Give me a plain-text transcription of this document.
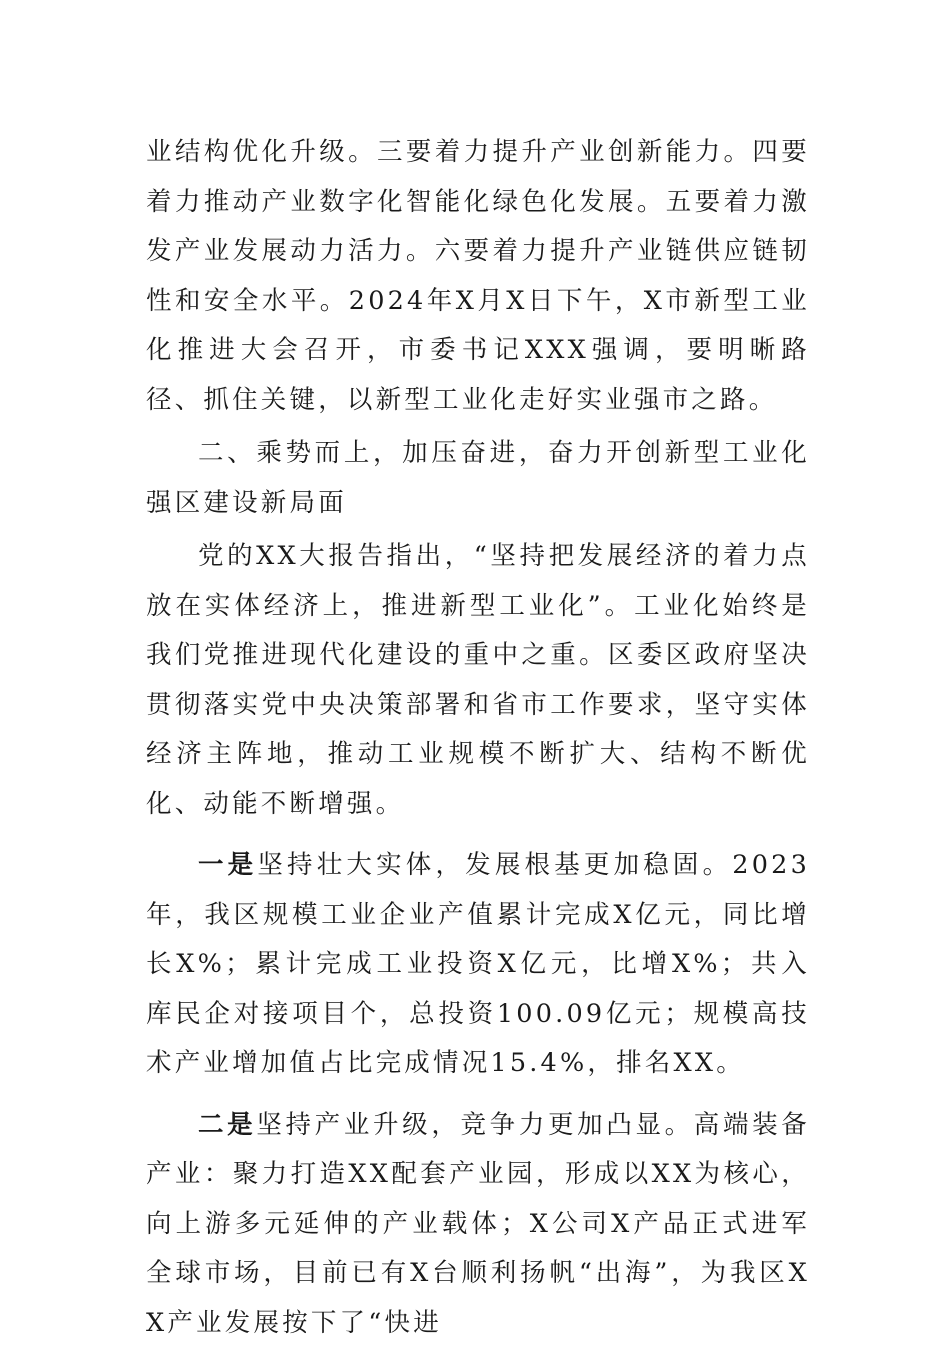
业结构优化升级。三要着力提升产业创新能力。四要着力推动产业数字化智能化绿色化发展。五要着力激发产业发展动力活力。六要着力提升产业链供应链韧性和安全水平。2024年X月X日下午，X市新型工业化推进大会召开，市委书记XXX强调，要明晰路径、抓住关键，以新型工业化走好实业强市之路。

二、乘势而上，加压奋进，奋力开创新型工业化强区建设新局面

党的XX大报告指出，“坚持把发展经济的着力点放在实体经济上，推进新型工业化”。工业化始终是我们党推进现代化建设的重中之重。区委区政府坚决贯彻落实党中央决策部署和省市工作要求，坚守实体经济主阵地，推动工业规模不断扩大、结构不断优化、动能不断增强。

一是坚持壮大实体，发展根基更加稳固。2023年，我区规模工业企业产值累计完成X亿元，同比增长X%；累计完成工业投资X亿元，比增X%；共入库民企对接项目个，总投资100.09亿元；规模高技术产业增加值占比完成情况15.4%，排名XX。

二是坚持产业升级，竞争力更加凸显。高端装备产业：聚力打造XX配套产业园，形成以XX为核心，向上游多元延伸的产业载体；X公司X产品正式进军全球市场，目前已有X台顺利扬帆“出海”，为我区XX产业发展按下了“快进
